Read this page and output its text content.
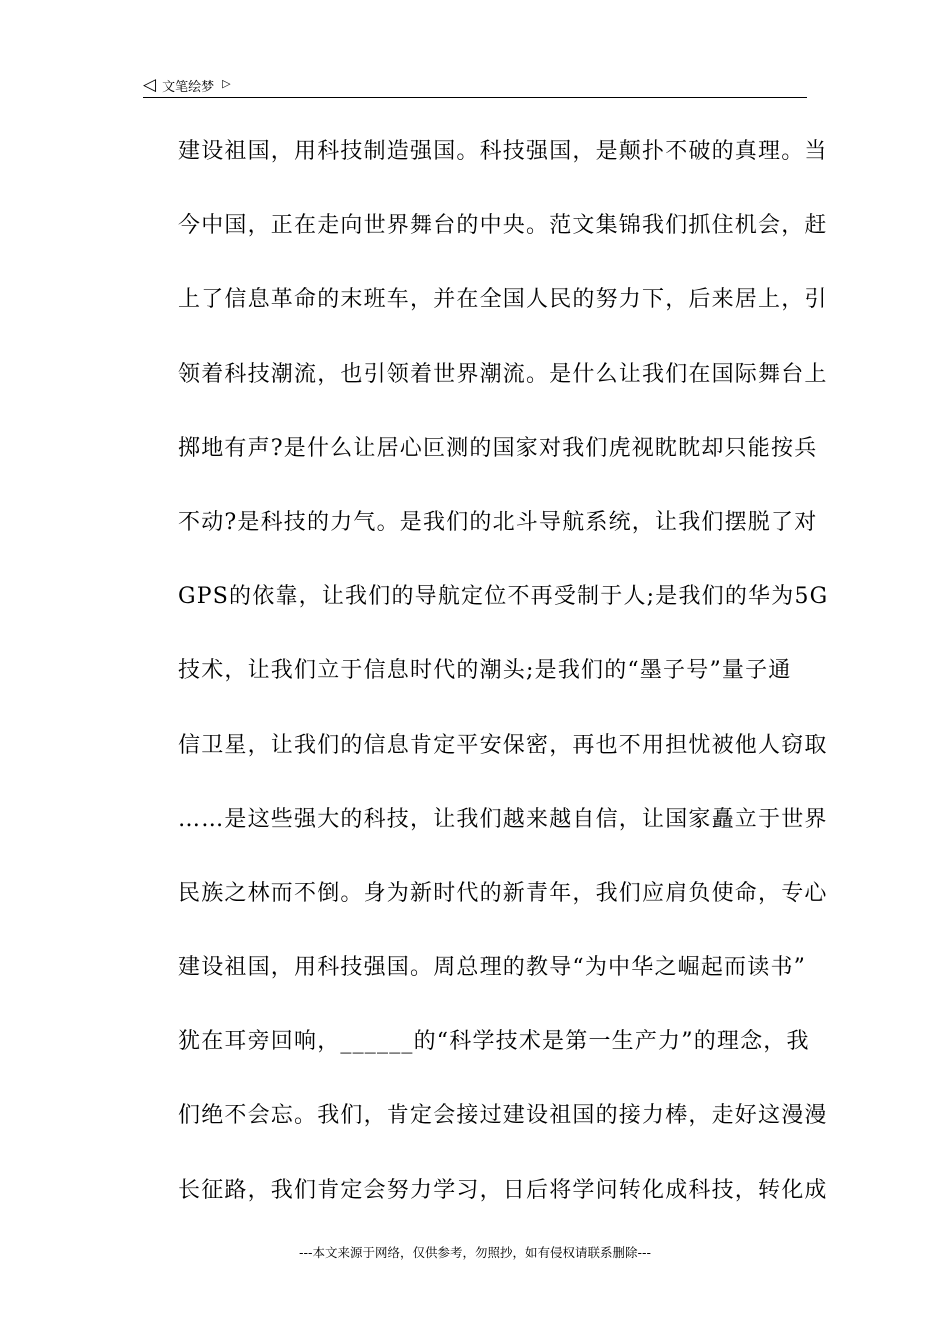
◁ 文笔绘梦 ▷
建设祖国，用科技制造强国。科技强国，是颠扑不破的真理。当
今中国，正在走向世界舞台的中央。范文集锦我们抓住机会，赶
上了信息革命的末班车，并在全国人民的努力下，后来居上，引
领着科技潮流，也引领着世界潮流。是什么让我们在国际舞台上
掷地有声?是什么让居心叵测的国家对我们虎视眈眈却只能按兵
不动?是科技的力气。是我们的北斗导航系统，让我们摆脱了对
GPS的依靠，让我们的导航定位不再受制于人;是我们的华为5G
技术，让我们立于信息时代的潮头;是我们的“墨子号”量子通
信卫星，让我们的信息肯定平安保密，再也不用担忧被他人窃取
……是这些强大的科技，让我们越来越自信，让国家矗立于世界
民族之林而不倒。身为新时代的新青年，我们应肩负使命，专心
建设祖国，用科技强国。周总理的教导“为中华之崛起而读书”
犹在耳旁回响，______的“科学技术是第一生产力”的理念，我
们绝不会忘。我们，肯定会接过建设祖国的接力棒，走好这漫漫
长征路，我们肯定会努力学习，日后将学问转化成科技，转化成
---本文来源于网络，仅供参考，勿照抄，如有侵权请联系删除---
